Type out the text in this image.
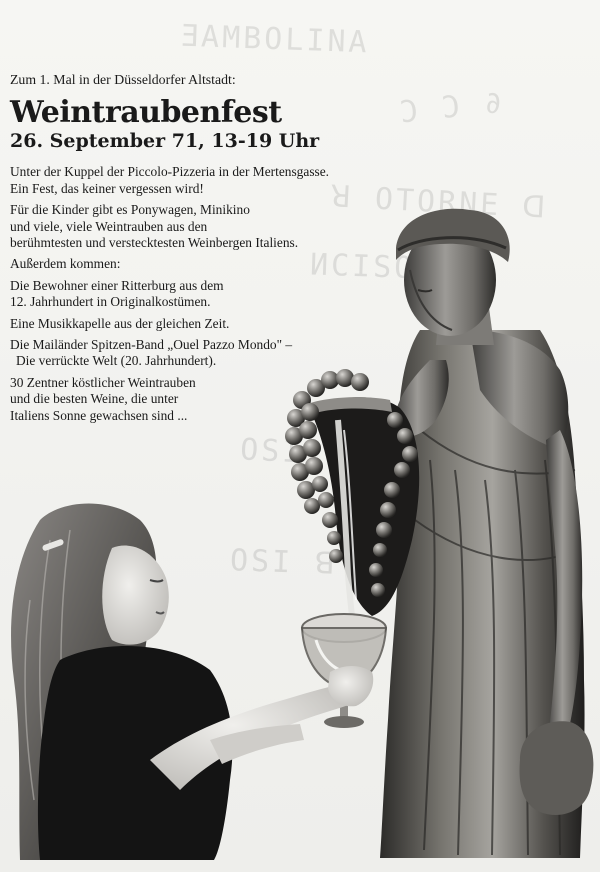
ƎAMBOLINA
Ɔ Ɔ ∂
ꓤ OTORNE ᗡ
ИCISO ꓭ
OSI
OSI ꓭ

Zum 1. Mal in der Düsseldorfer Altstadt:

Weintraubenfest

26. September 71, 13-19 Uhr

Unter der Kuppel der Piccolo-Pizzeria in der Mertensgasse.
Ein Fest, das keiner vergessen wird!

Für die Kinder gibt es Ponywagen, Minikino
und viele, viele Weintrauben aus den
berühmtesten und verstecktesten Weinbergen Italiens.

Außerdem kommen:

Die Bewohner einer Ritterburg aus dem
12. Jahrhundert in Originalkostümen.

Eine Musikkapelle aus der gleichen Zeit.

Die Mailänder Spitzen-Band „Ouel Pazzo Mondo" –
Die verrückte Welt (20. Jahrhundert).

30 Zentner köstlicher Weintrauben
und die besten Weine, die unter
Italiens Sonne gewachsen sind ...
